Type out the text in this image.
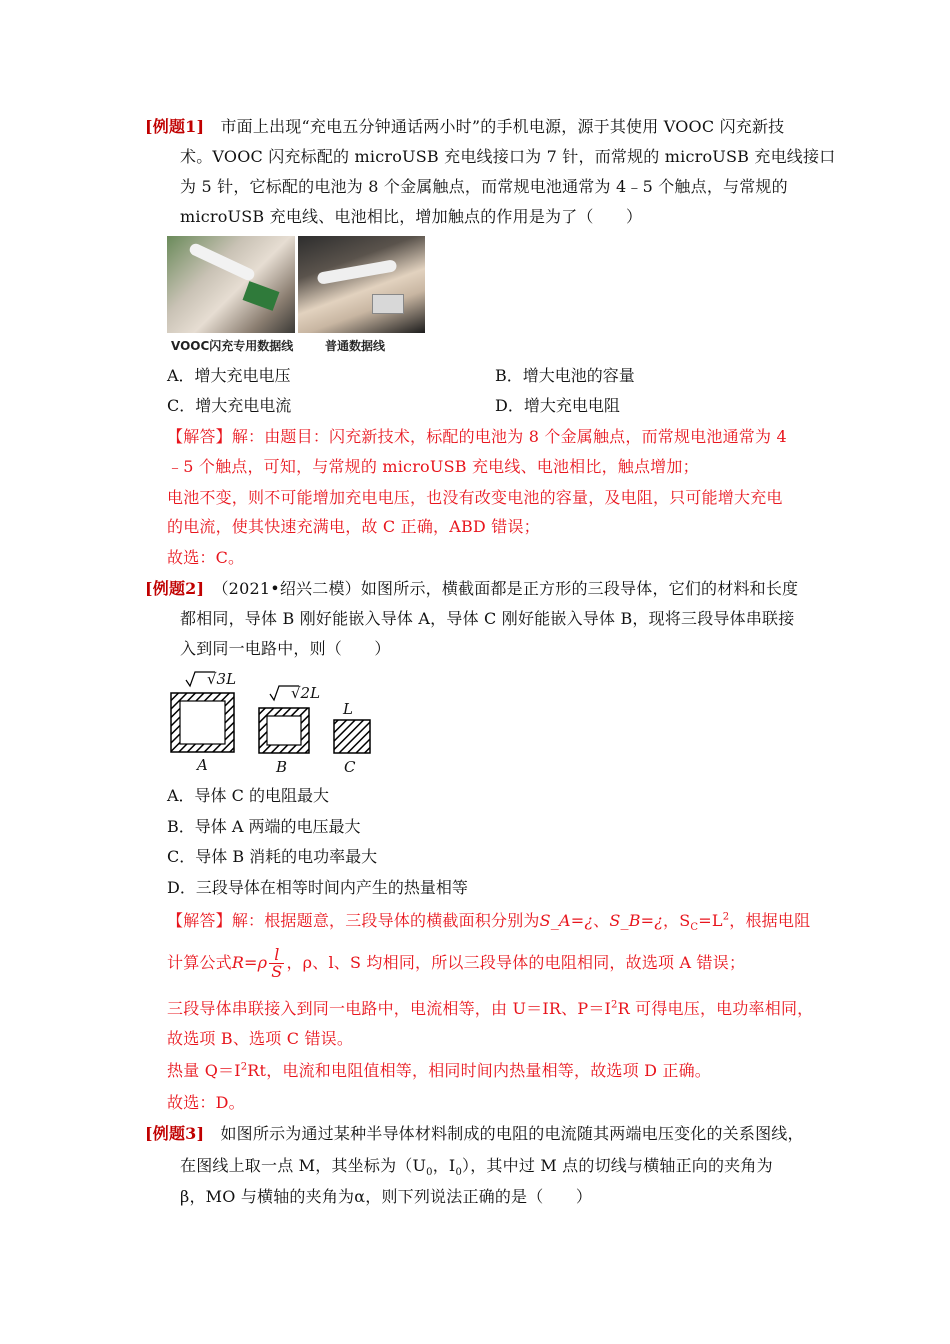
[例题1]　 市面上出现“充电五分钟通话两小时”的手机电源，源于其使用 VOOC 闪充新技
术。VOOC 闪充标配的 microUSB 充电线接口为 7 针，而常规的 microUSB 充电线接口
为 5 针，它标配的电池为 8 个金属触点，而常规电池通常为 4﹣5 个触点，与常规的
microUSB 充电线、电池相比，增加触点的作用是为了（　　）
VOOC闪充专用数据线	普通数据线
A．增大充电电压	B．增大电池的容量
C．增大充电电流	D．增大充电电阻
【解答】解：由题目：闪充新技术，标配的电池为 8 个金属触点，而常规电池通常为 4
﹣5 个触点，可知，与常规的 microUSB 充电线、电池相比，触点增加；
电池不变，则不可能增加充电电压，也没有改变电池的容量，及电阻，只可能增大充电
的电流，使其快速充满电，故 C 正确，ABD 错误；
故选：C。
[例题2]　 （2021•绍兴二模）如图所示，横截面都是正方形的三段导体，它们的材料和长度
都相同，导体 B 刚好能嵌入导体 A，导体 C 刚好能嵌入导体 B，现将三段导体串联接
入到同一电路中，则（　　）
√3L
√2L
L
A	B	C
A．导体 C 的电阻最大
B．导体 A 两端的电压最大
C．导体 B 消耗的电功率最大
D．三段导体在相等时间内产生的热量相等
【解答】解：根据题意，三段导体的横截面积分别为S_A=¿、S_B=¿，$S_C=L^2$，根据电阻
计算公式$R=\rho \frac{l}{S}$ ，ρ、l、S 均相同，所以三段导体的电阻相同，故选项 A 错误；
三段导体串联接入到同一电路中，电流相等，由 U＝IR、$P=I^2R$ 可得电压，电功率相同，
故选项 B、选项 C 错误。
热量 $Q=I^2Rt$，电流和电阻值相等，相同时间内热量相等，故选项 D 正确。
故选：D。
[例题3]　 如图所示为通过某种半导体材料制成的电阻的电流随其两端电压变化的关系图线，
在图线上取一点 M，其坐标为（$U_0$，$I_0$），其中过 M 点的切线与横轴正向的夹角为
β，MO 与横轴的夹角为α，则下列说法正确的是（　　）
